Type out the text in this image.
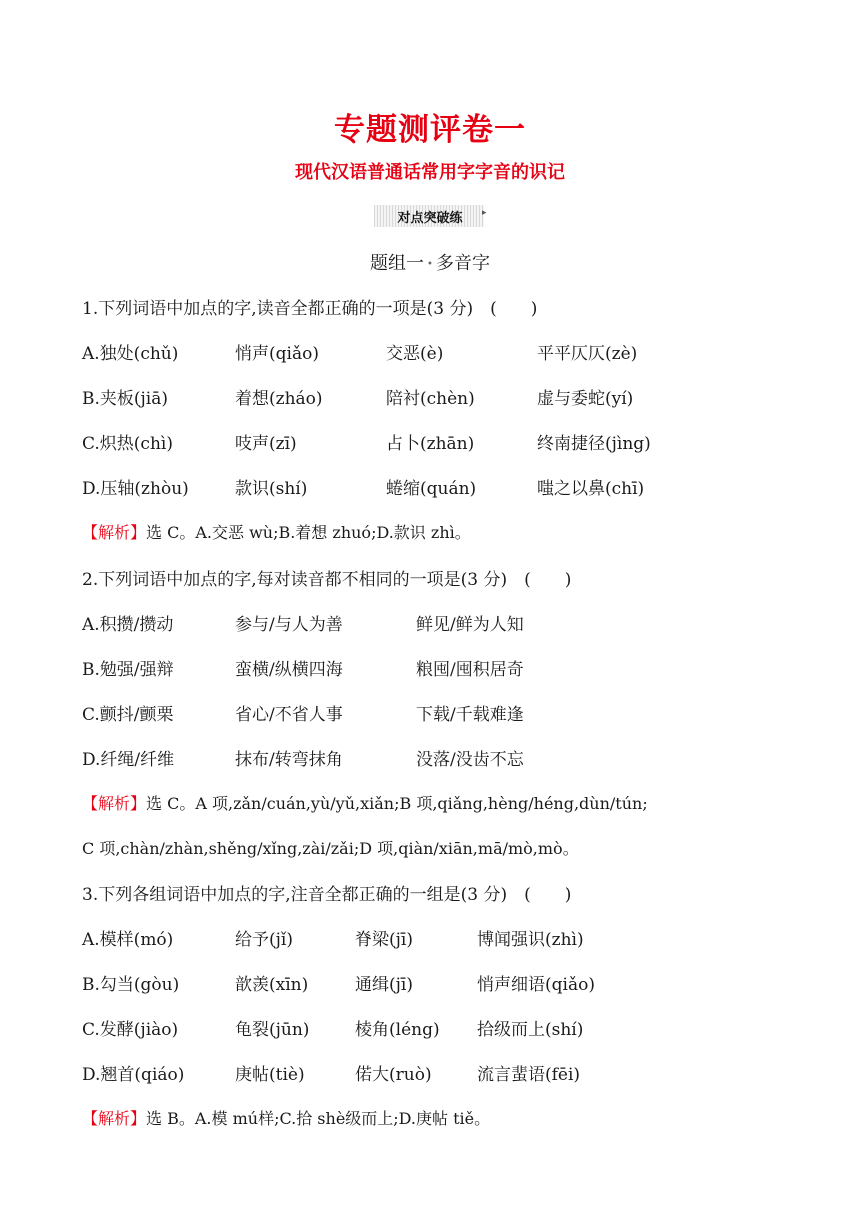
专题测评卷一
现代汉语普通话常用字字音的识记
对点突破练	▸
题组一 • 多音字
1.下列词语中加点的字,读音全都正确的一项是(3 分)　(　　)
A.独处(chǔ)	悄声(qiǎo)	交恶(è)	平平仄仄(zè)
B.夹板(jiā)	着想(zháo)	陪衬(chèn)	虚与委蛇(yí)
C.炽热(chì)	吱声(zī)	占卜(zhān)	终南捷径(jìng)
D.压轴(zhòu)	款识(shí)	蜷缩(quán)	嗤之以鼻(chī)
【解析】选 C。A.交恶 wù;B.着想 zhuó;D.款识 zhì。
2.下列词语中加点的字,每对读音都不相同的一项是(3 分)　(　　)
A.积攒/攒动	参与/与人为善	鲜见/鲜为人知
B.勉强/强辩	蛮横/纵横四海	粮囤/囤积居奇
C.颤抖/颤栗	省心/不省人事	下载/千载难逢
D.纤绳/纤维	抹布/转弯抹角	没落/没齿不忘
【解析】选 C。A 项,zǎn/cuán,yù/yǔ,xiǎn;B 项,qiǎng,hèng/héng,dùn/tún;
C 项,chàn/zhàn,shěng/xǐng,zài/zǎi;D 项,qiàn/xiān,mā/mò,mò。
3.下列各组词语中加点的字,注音全都正确的一组是(3 分)　(　　)
A.模样(mó)	给予(jǐ)	脊梁(jī)	博闻强识(zhì)
B.勾当(gòu)	歆羡(xīn)	通缉(jī)	悄声细语(qiǎo)
C.发酵(jiào)	龟裂(jūn)	棱角(léng) 拾级而上(shí)
D.翘首(qiáo)	庚帖(tiè)	偌大(ruò)	流言蜚语(fēi)
【解析】选 B。A.模 mú样;C.拾 shè级而上;D.庚帖 tiě。
